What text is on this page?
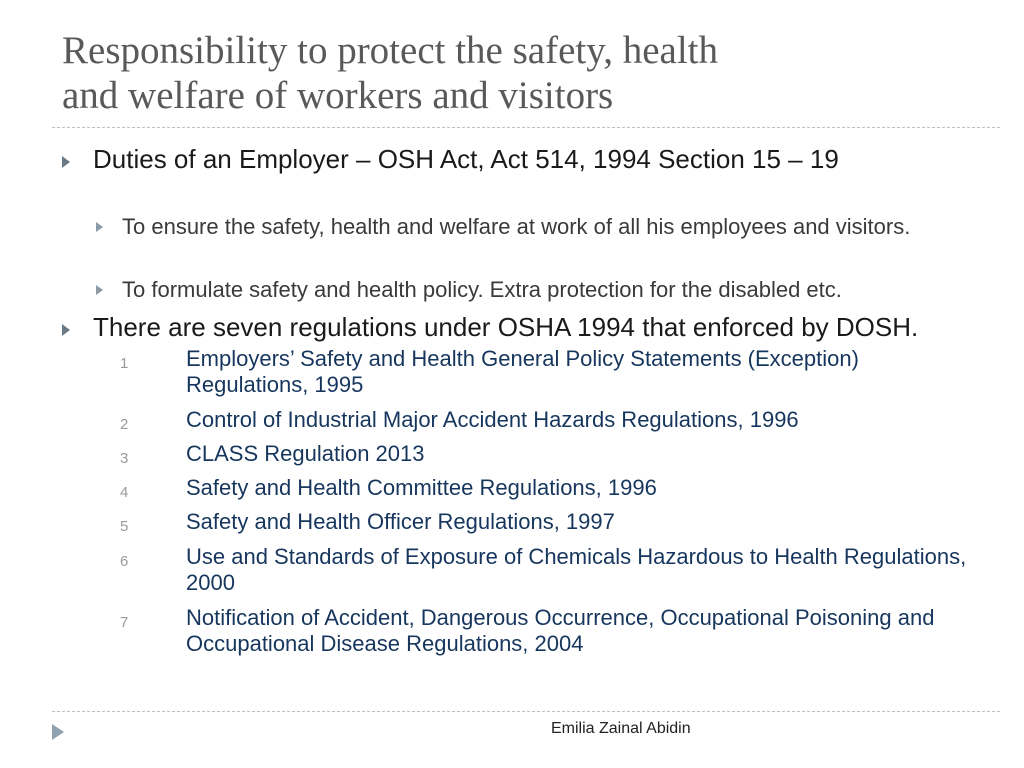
Responsibility to protect the safety, health
and welfare of workers and visitors
Duties of an Employer – OSH Act, Act 514, 1994 Section 15 – 19
To ensure the safety, health and welfare at work of all his employees and visitors.
To formulate safety and health policy. Extra protection for the disabled etc.
There are seven regulations under OSHA 1994 that enforced by DOSH.
1	Employers’ Safety and Health General Policy Statements (Exception) Regulations, 1995
2	Control of Industrial Major Accident Hazards Regulations, 1996
3	CLASS Regulation 2013
4	Safety and Health Committee Regulations, 1996
5	Safety and Health Officer Regulations, 1997
6	Use and Standards of Exposure of Chemicals Hazardous to Health Regulations, 2000
7	Notification of Accident, Dangerous Occurrence, Occupational Poisoning and Occupational Disease Regulations, 2004
Emilia Zainal Abidin
